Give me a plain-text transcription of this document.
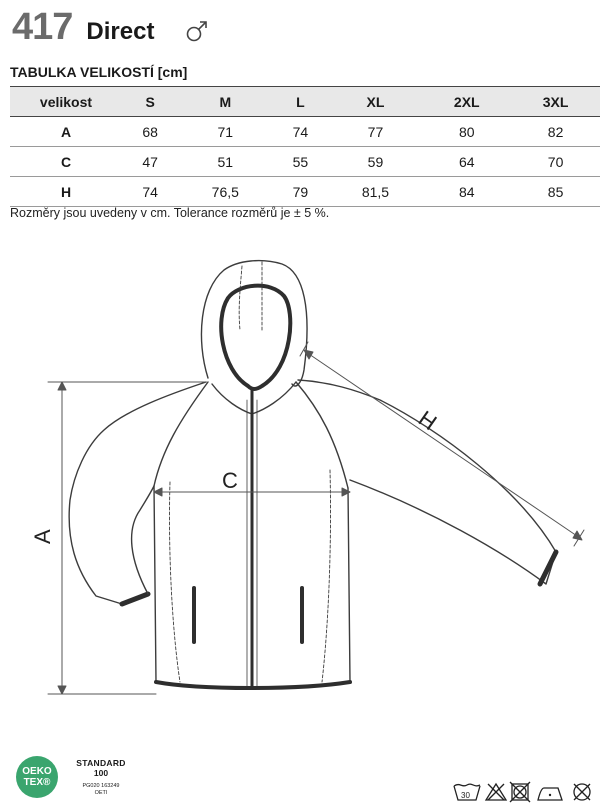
417 Direct
TABULKA VELIKOSTÍ [cm]
velikost	S	M	L	XL	2XL	3XL
A	68	71	74	77	80	82
C	47	51	55	59	64	70
H	74	76,5	79	81,5	84	85
Rozměry jsou uvedeny v cm. Tolerance rozměrů je ± 5 %.
A
C
H
OEKO
TEX®
STANDARD
100
PG020 163249
OETI	30
